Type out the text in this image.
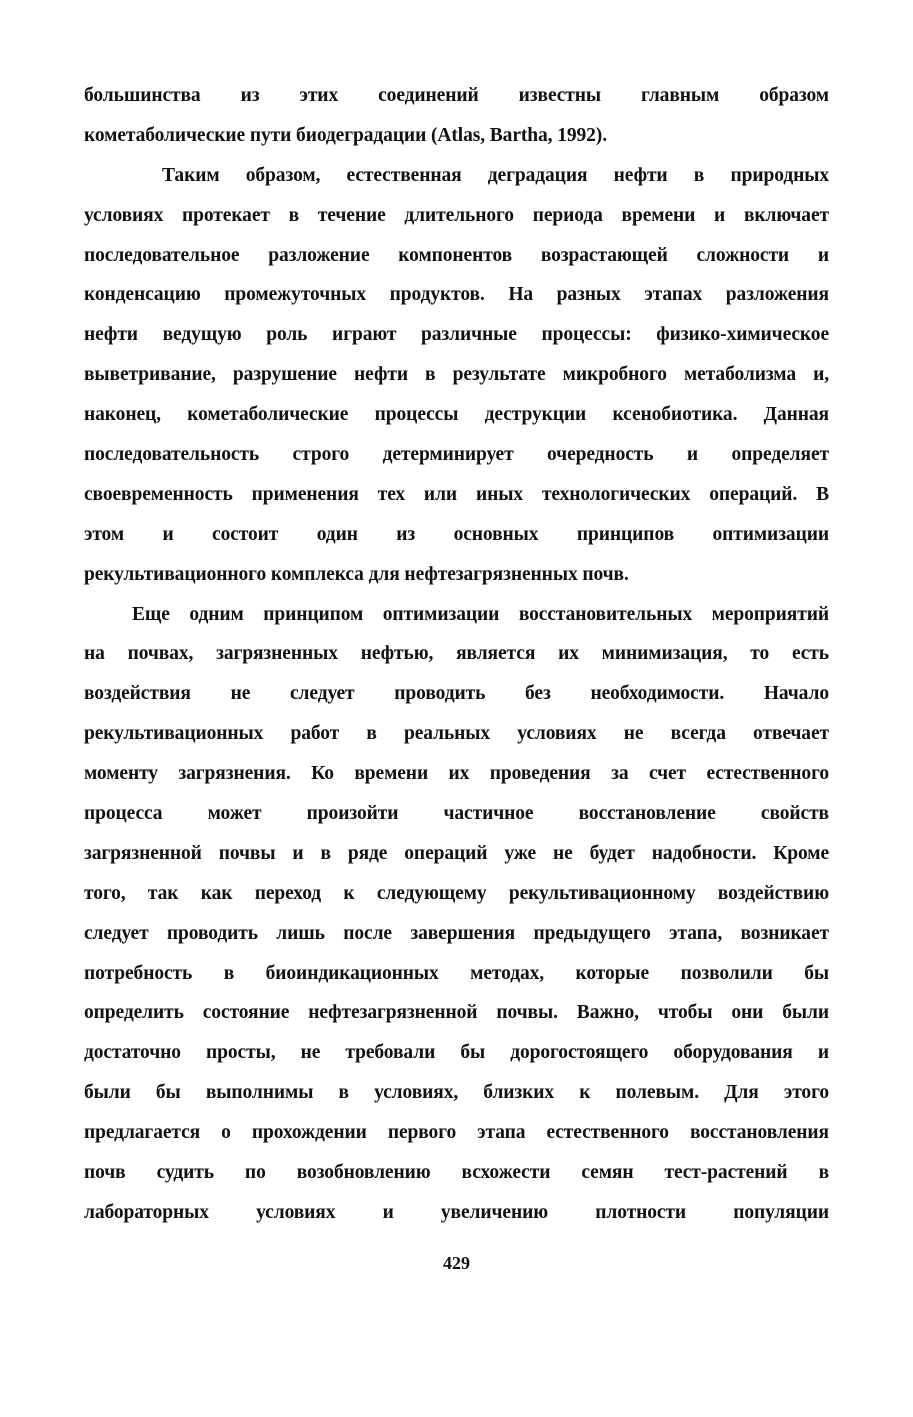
большинства из этих соединений известны главным образом
кометаболические пути биодеградации (Atlas, Bartha, 1992).
Таким образом, естественная деградация нефти в природных
условиях протекает в течение длительного периода времени и включает
последовательное разложение компонентов возрастающей сложности и
конденсацию промежуточных продуктов. На разных этапах разложения
нефти ведущую роль играют различные процессы: физико-химическое
выветривание, разрушение нефти в результате микробного метаболизма и,
наконец, кометаболические процессы деструкции ксенобиотика. Данная
последовательность строго детерминирует очередность и определяет
своевременность применения тех или иных технологических операций. В
этом и состоит один из основных принципов оптимизации
рекультивационного комплекса для нефтезагрязненных почв.
Еще одним принципом оптимизации восстановительных мероприятий
на почвах, загрязненных нефтью, является их минимизация, то есть
воздействия не следует проводить без необходимости. Начало
рекультивационных работ в реальных условиях не всегда отвечает
моменту загрязнения. Ко времени их проведения за счет естественного
процесса может произойти частичное восстановление свойств
загрязненной почвы и в ряде операций уже не будет надобности. Кроме
того, так как переход к следующему рекультивационному воздействию
следует проводить лишь после завершения предыдущего этапа, возникает
потребность в биоиндикационных методах, которые позволили бы
определить состояние нефтезагрязненной почвы. Важно, чтобы они были
достаточно просты, не требовали бы дорогостоящего оборудования и
были бы выполнимы в условиях, близких к полевым. Для этого
предлагается о прохождении первого этапа естественного восстановления
почв судить по возобновлению всхожести семян тест-растений в
лабораторных условиях и увеличению плотности популяции
429
